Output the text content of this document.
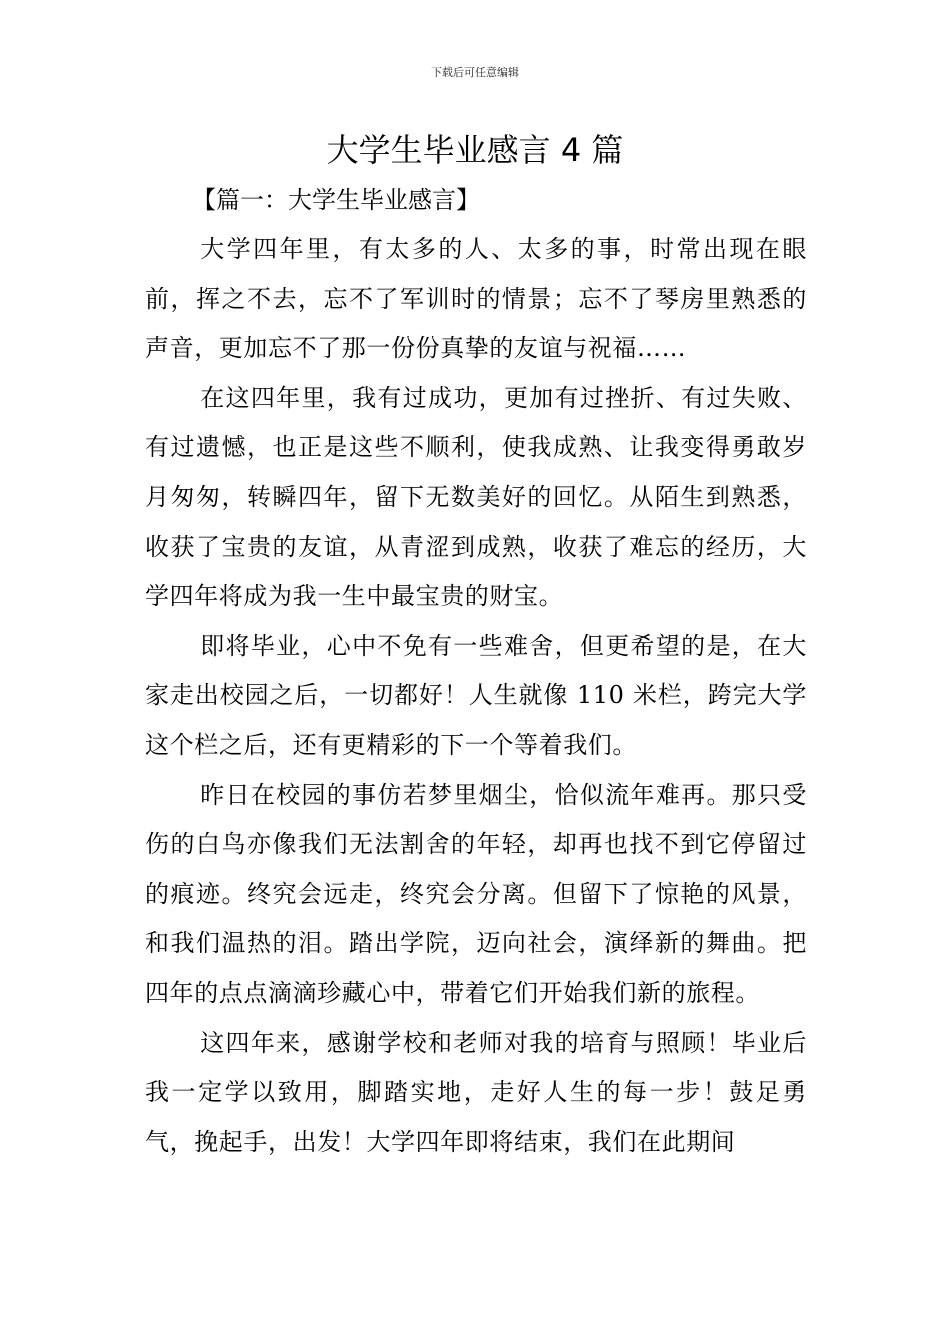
下载后可任意编辑
大学生毕业感言 4 篇
【篇一：大学生毕业感言】

大学四年里，有太多的人、太多的事，时常出现在眼前，挥之不去，忘不了军训时的情景；忘不了琴房里熟悉的声音，更加忘不了那一份份真挚的友谊与祝福……

在这四年里，我有过成功，更加有过挫折、有过失败、有过遗憾，也正是这些不顺利，使我成熟、让我变得勇敢岁月匆匆，转瞬四年，留下无数美好的回忆。从陌生到熟悉，收获了宝贵的友谊，从青涩到成熟，收获了难忘的经历，大学四年将成为我一生中最宝贵的财宝。

即将毕业，心中不免有一些难舍，但更希望的是，在大家走出校园之后，一切都好！人生就像 110 米栏，跨完大学这个栏之后，还有更精彩的下一个等着我们。

昨日在校园的事仿若梦里烟尘，恰似流年难再。那只受伤的白鸟亦像我们无法割舍的年轻，却再也找不到它停留过的痕迹。终究会远走，终究会分离。但留下了惊艳的风景，和我们温热的泪。踏出学院，迈向社会，演绎新的舞曲。把四年的点点滴滴珍藏心中，带着它们开始我们新的旅程。

这四年来，感谢学校和老师对我的培育与照顾！毕业后我一定学以致用，脚踏实地，走好人生的每一步！鼓足勇气，挽起手，出发！大学四年即将结束，我们在此期间
